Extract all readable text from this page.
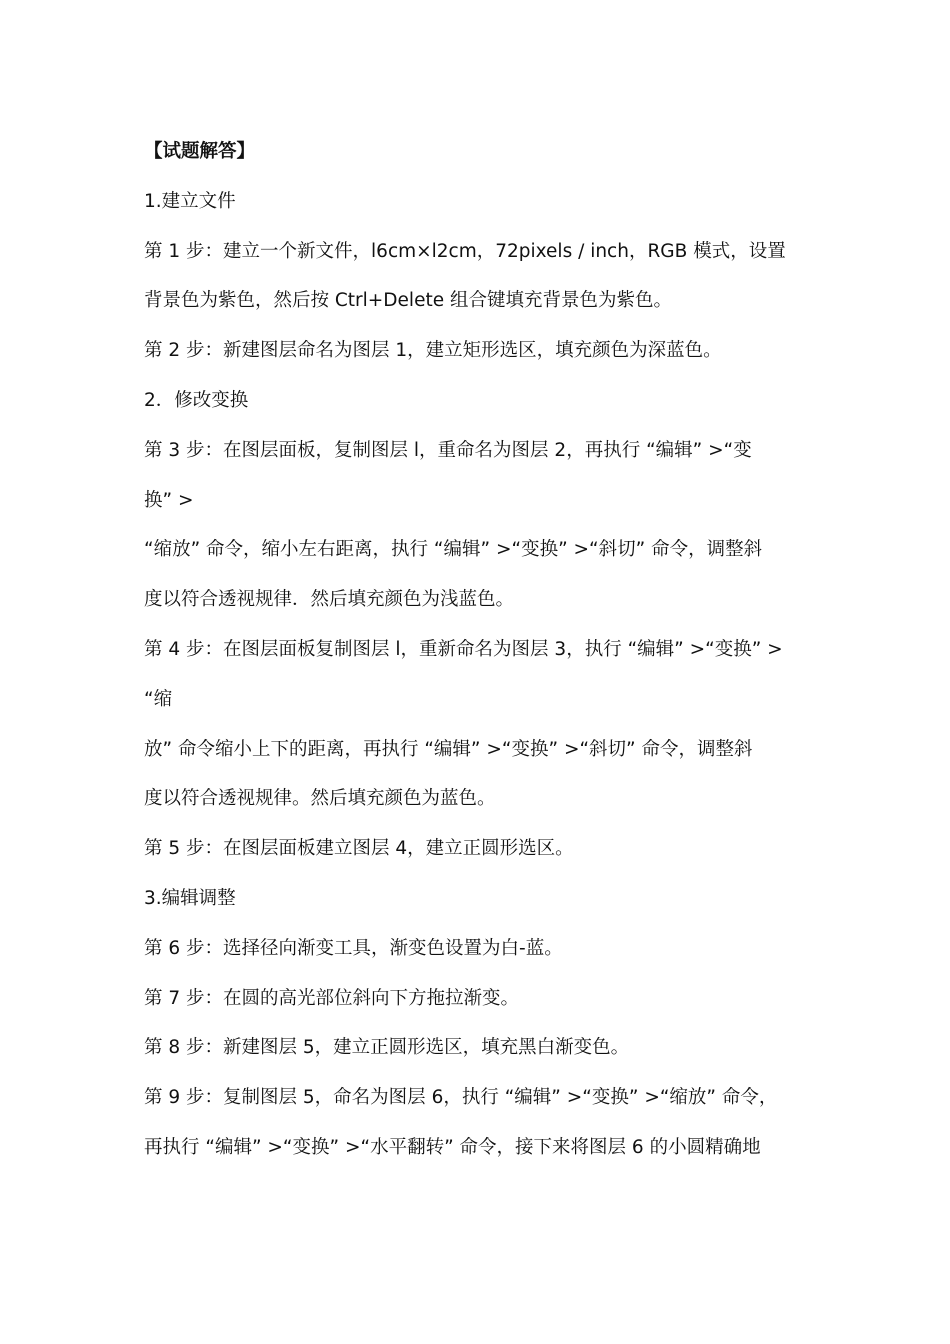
【试题解答】
1.建立文件
第 1 步：建立一个新文件，l6cm×l2cm，72pixels / inch，RGB 模式，设置
背景色为紫色，然后按 Ctrl+Delete 组合键填充背景色为紫色。
第 2 步：新建图层命名为图层 1，建立矩形选区，填充颜色为深蓝色。
2．修改变换
第 3 步：在图层面板，复制图层 l，重命名为图层 2，再执行 “编辑” >“变
换” >
“缩放” 命令，缩小左右距离，执行 “编辑” >“变换” >“斜切” 命令，调整斜
度以符合透视规律．然后填充颜色为浅蓝色。
第 4 步：在图层面板复制图层 l，重新命名为图层 3，执行 “编辑” >“变换” >
“缩
放” 命令缩小上下的距离，再执行 “编辑” >“变换” >“斜切” 命令，调整斜
度以符合透视规律。然后填充颜色为蓝色。
第 5 步：在图层面板建立图层 4，建立正圆形选区。
3.编辑调整
第 6 步：选择径向渐变工具，渐变色设置为白-蓝。
第 7 步：在圆的高光部位斜向下方拖拉渐变。
第 8 步：新建图层 5，建立正圆形选区，填充黑白渐变色。
第 9 步：复制图层 5，命名为图层 6，执行 “编辑” >“变换” >“缩放” 命令，
再执行 “编辑” >“变换” >“水平翻转” 命令，接下来将图层 6 的小圆精确地
